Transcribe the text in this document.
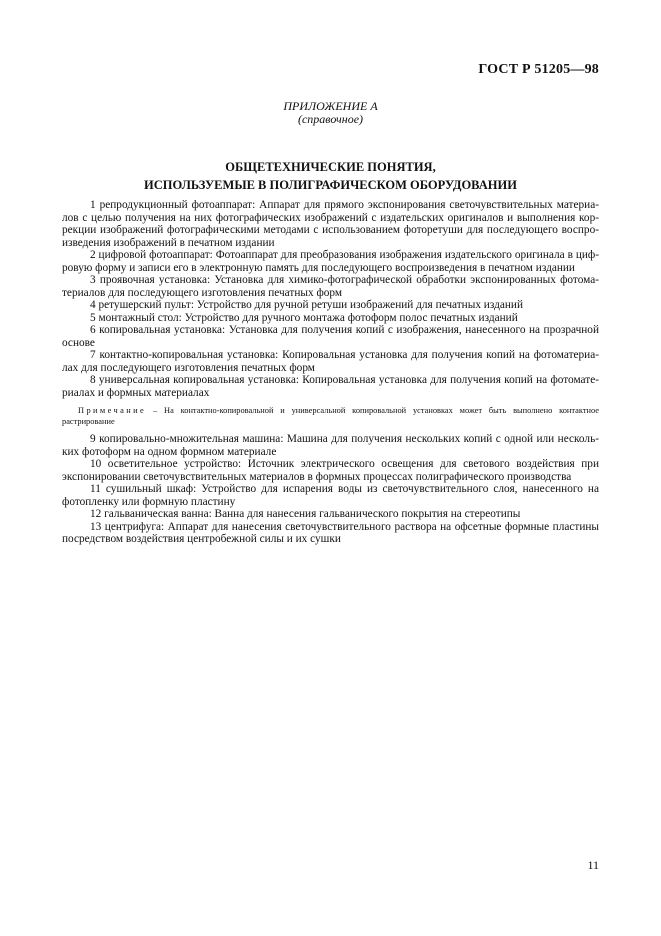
ГОСТ Р 51205—98
ПРИЛОЖЕНИЕ А
(справочное)
ОБЩЕТЕХНИЧЕСКИЕ ПОНЯТИЯ,
ИСПОЛЬЗУЕМЫЕ В ПОЛИГРАФИЧЕСКОМ ОБОРУДОВАНИИ

1 репродукционный фотоаппарат: Аппарат для прямого экспонирования светочувствительных материалов с целью получения на них фотографических изображений с издательских оригиналов и выполнения коррекции изображений фотографическими методами с использованием фоторетуши для последующего воспроизведения изображений в печатном издании

2 цифровой фотоаппарат: Фотоаппарат для преобразования изображения издательского оригинала в цифровую форму и записи его в электронную память для последующего воспроизведения в печатном издании

3 проявочная установка: Установка для химико-фотографической обработки экспонированных фотоматериалов для последующего изготовления печатных форм

4 ретушерский пульт: Устройство для ручной ретуши изображений для печатных изданий

5 монтажный стол: Устройство для ручного монтажа фотоформ полос печатных изданий

6 копировальная установка: Установка для получения копий с изображения, нанесенного на прозрачной основе

7 контактно-копировальная установка: Копировальная установка для получения копий на фотоматериалах для последующего изготовления печатных форм

8 универсальная копировальная установка: Копировальная установка для получения копий на фотоматериалах и формных материалах

Примечание – На контактно-копировальной и универсальной копировальной установках может быть выполнено контактное растрирование

9 копировально-множительная машина: Машина для получения нескольких копий с одной или нескольких фотоформ на одном формном материале

10 осветительное устройство: Источник электрического освещения для светового воздействия при экспонировании светочувствительных материалов в формных процессах полиграфического производства

11 сушильный шкаф: Устройство для испарения воды из светочувствительного слоя, нанесенного на фотопленку или формную пластину

12 гальваническая ванна: Ванна для нанесения гальванического покрытия на стереотипы

13 центрифуга: Аппарат для нанесения светочувствительного раствора на офсетные формные пластины посредством воздействия центробежной силы и их сушки

11
